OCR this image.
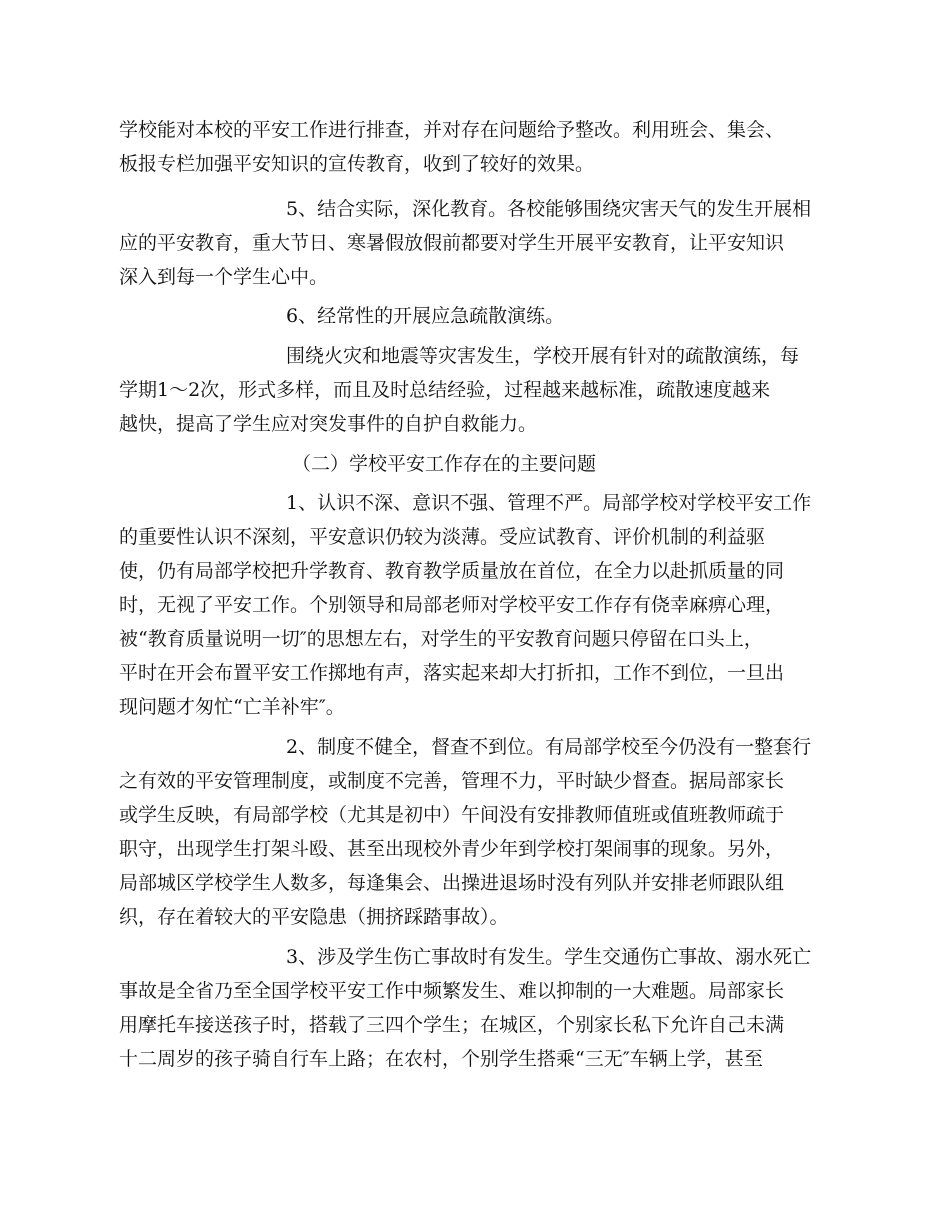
学校能对本校的平安工作进行排查，并对存在问题给予整改。利用班会、集会、
板报专栏加强平安知识的宣传教育，收到了较好的效果。
5、结合实际，深化教育。各校能够围绕灾害天气的发生开展相
应的平安教育，重大节日、寒暑假放假前都要对学生开展平安教育，让平安知识
深入到每一个学生心中。
6、经常性的开展应急疏散演练。
围绕火灾和地震等灾害发生，学校开展有针对的疏散演练，每
学期1～2次，形式多样，而且及时总结经验，过程越来越标准，疏散速度越来
越快，提高了学生应对突发事件的自护自救能力。
（二）学校平安工作存在的主要问题
1、认识不深、意识不强、管理不严。局部学校对学校平安工作
的重要性认识不深刻，平安意识仍较为淡薄。受应试教育、评价机制的利益驱
使，仍有局部学校把升学教育、教育教学质量放在首位，在全力以赴抓质量的同
时，无视了平安工作。个别领导和局部老师对学校平安工作存有侥幸麻痹心理，
被“教育质量说明一切″的思想左右，对学生的平安教育问题只停留在口头上，
平时在开会布置平安工作掷地有声，落实起来却大打折扣，工作不到位，一旦出
现问题才匆忙“亡羊补牢″。
2、制度不健全，督查不到位。有局部学校至今仍没有一整套行
之有效的平安管理制度，或制度不完善，管理不力，平时缺少督查。据局部家长
或学生反映，有局部学校（尤其是初中）午间没有安排教师值班或值班教师疏于
职守，出现学生打架斗殴、甚至出现校外青少年到学校打架闹事的现象。另外，
局部城区学校学生人数多，每逢集会、出操进退场时没有列队并安排老师跟队组
织，存在着较大的平安隐患（拥挤踩踏事故）。
3、涉及学生伤亡事故时有发生。学生交通伤亡事故、溺水死亡
事故是全省乃至全国学校平安工作中频繁发生、难以抑制的一大难题。局部家长
用摩托车接送孩子时，搭载了三四个学生；在城区，个别家长私下允许自己未满
十二周岁的孩子骑自行车上路；在农村，个别学生搭乘“三无″车辆上学，甚至
